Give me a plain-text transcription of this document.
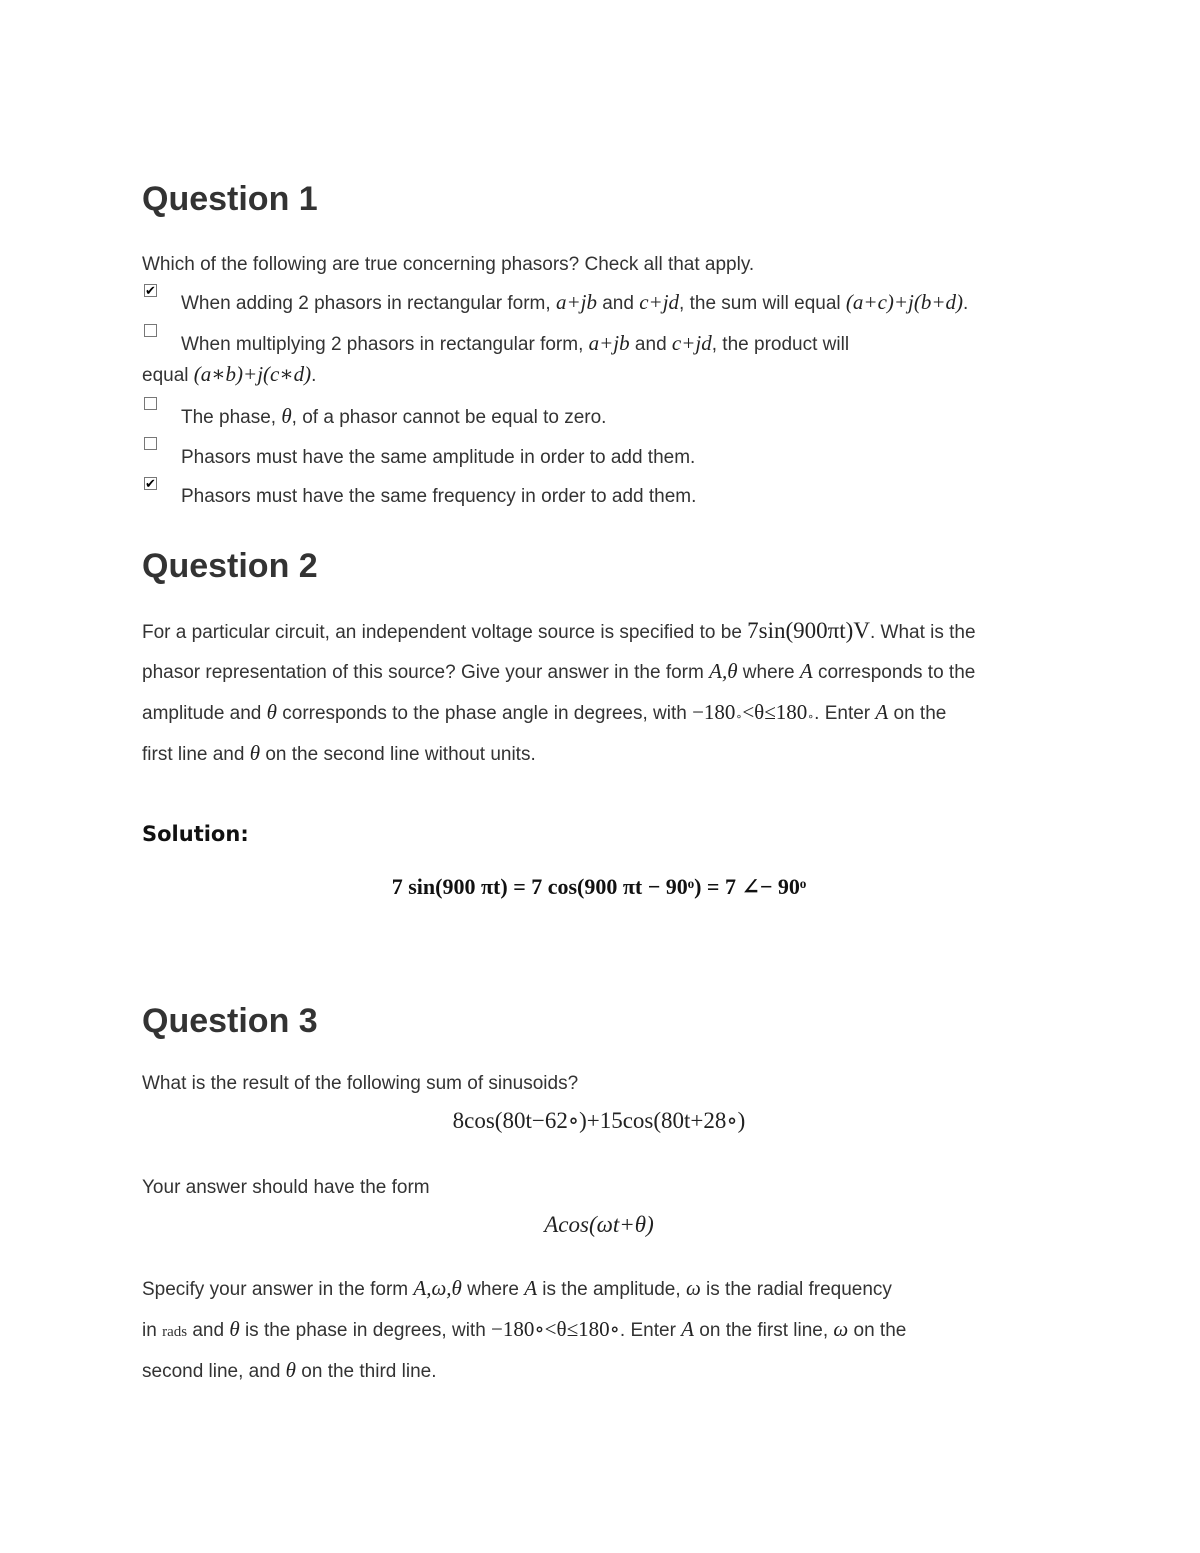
Question 1
Which of the following are true concerning phasors? Check all that apply.
✔
When adding 2 phasors in rectangular form, a+jb and c+jd, the sum will equal (a+c)+j(b+d).
When multiplying 2 phasors in rectangular form, a+jb and c+jd, the product will
equal (a∗b)+j(c∗d).
The phase, θ, of a phasor cannot be equal to zero.
Phasors must have the same amplitude in order to add them.
✔
Phasors must have the same frequency in order to add them.
Question 2
For a particular circuit, an independent voltage source is specified to be 7sin(900πt)V. What is the
phasor representation of this source? Give your answer in the form A,θ where A corresponds to the
amplitude and θ corresponds to the phase angle in degrees, with $-180_\circ<\theta\le 180_\circ$. Enter A on the
first line and θ on the second line without units.
Solution:
7 sin(900 πt) = 7 cos(900 πt − 90ᵒ) = 7 ∠− 90ᵒ
Question 3
What is the result of the following sum of sinusoids?
8cos(80t−62∘)+15cos(80t+28∘)
Your answer should have the form
Acos(ωt+θ)
Specify your answer in the form A,ω,θ where A is the amplitude, ω is the radial frequency
in rads and θ is the phase in degrees, with −180∘<θ≤180∘. Enter A on the first line, ω on the
second line, and θ on the third line.
